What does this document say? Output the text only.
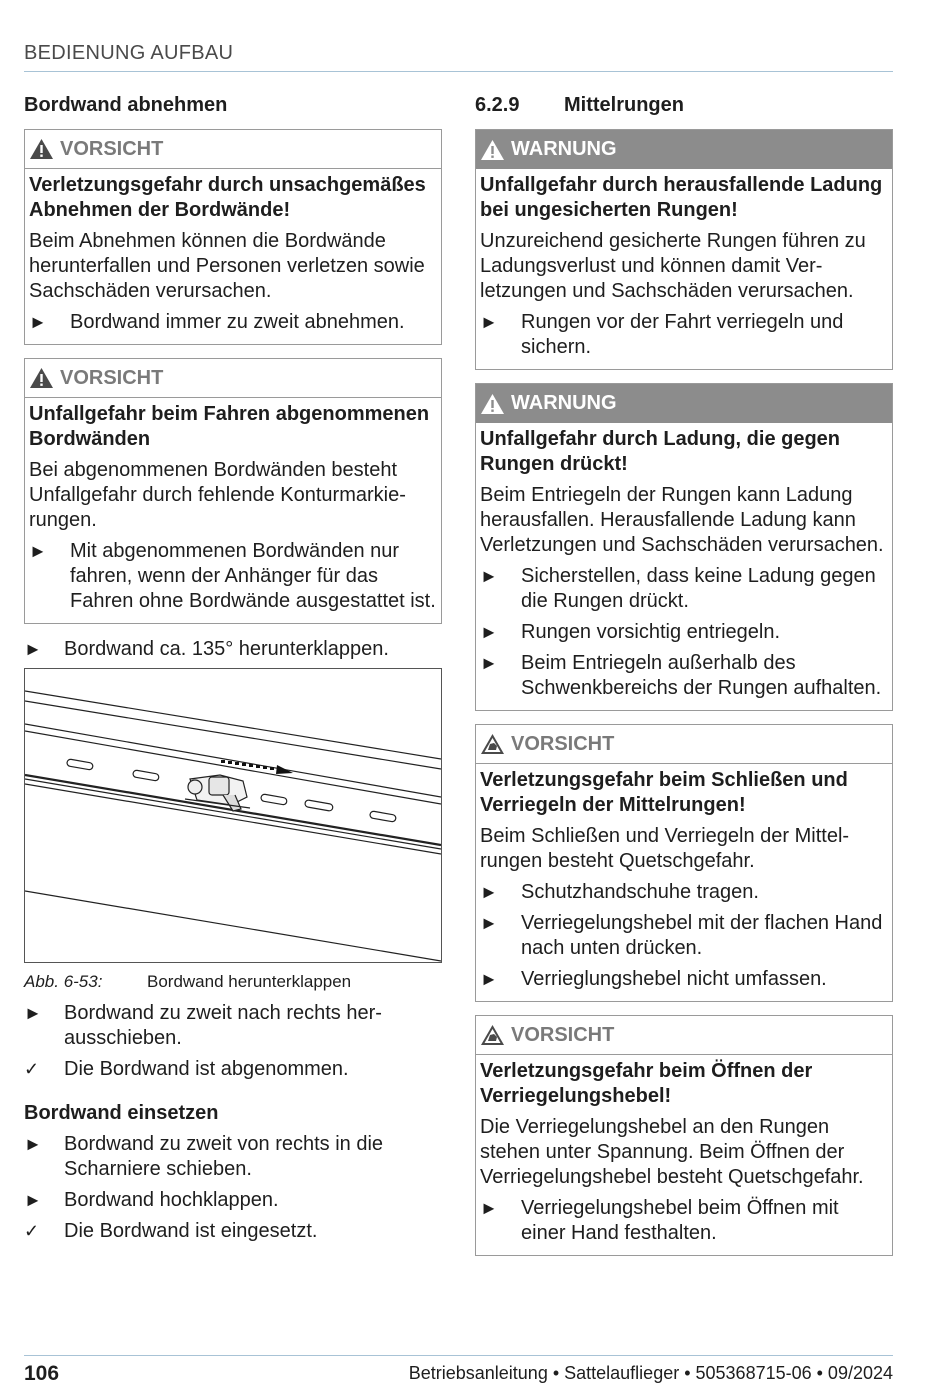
BEDIENUNG AUFBAU
Bordwand abnehmen
VORSICHT
Verletzungsgefahr durch unsachgemäßes Abnehmen der Bordwände!
Beim Abnehmen können die Bordwände herunterfallen und Personen verletzen sowie Sachschäden verursachen.
► Bordwand immer zu zweit abnehmen.
VORSICHT
Unfallgefahr beim Fahren abgenommenen Bordwänden
Bei abgenommenen Bordwänden besteht Unfallgefahr durch fehlende Konturmarkierungen.
► Mit abgenommenen Bordwänden nur fahren, wenn der Anhänger für das Fahren ohne Bordwände ausgestattet ist.
► Bordwand ca. 135° herunterklappen.
Abb. 6-53:	Bordwand herunterklappen
► Bordwand zu zweit nach rechts herausschieben.
✓ Die Bordwand ist abgenommen.
Bordwand einsetzen
► Bordwand zu zweit von rechts in die Scharniere schieben.
► Bordwand hochklappen.
✓ Die Bordwand ist eingesetzt.
6.2.9 Mittelrungen
WARNUNG
Unfallgefahr durch herausfallende Ladung bei ungesicherten Rungen!
Unzureichend gesicherte Rungen führen zu Ladungsverlust und können damit Verletzungen und Sachschäden verursachen.
► Rungen vor der Fahrt verriegeln und sichern.
WARNUNG
Unfallgefahr durch Ladung, die gegen Rungen drückt!
Beim Entriegeln der Rungen kann Ladung herausfallen. Herausfallende Ladung kann Verletzungen und Sachschäden verursachen.
► Sicherstellen, dass keine Ladung gegen die Rungen drückt.
► Rungen vorsichtig entriegeln.
► Beim Entriegeln außerhalb des Schwenkbereichs der Rungen aufhalten.
VORSICHT
Verletzungsgefahr beim Schließen und Verriegeln der Mittelrungen!
Beim Schließen und Verriegeln der Mittelrungen besteht Quetschgefahr.
► Schutzhandschuhe tragen.
► Verriegelungshebel mit der flachen Hand nach unten drücken.
► Verrieglungshebel nicht umfassen.
VORSICHT
Verletzungsgefahr beim Öffnen der Verriegelungshebel!
Die Verriegelungshebel an den Rungen stehen unter Spannung. Beim Öffnen der Verriegelungshebel besteht Quetschgefahr.
► Verriegelungshebel beim Öffnen mit einer Hand festhalten.
106	Betriebsanleitung • Sattelauflieger • 505368715-06 • 09/2024
